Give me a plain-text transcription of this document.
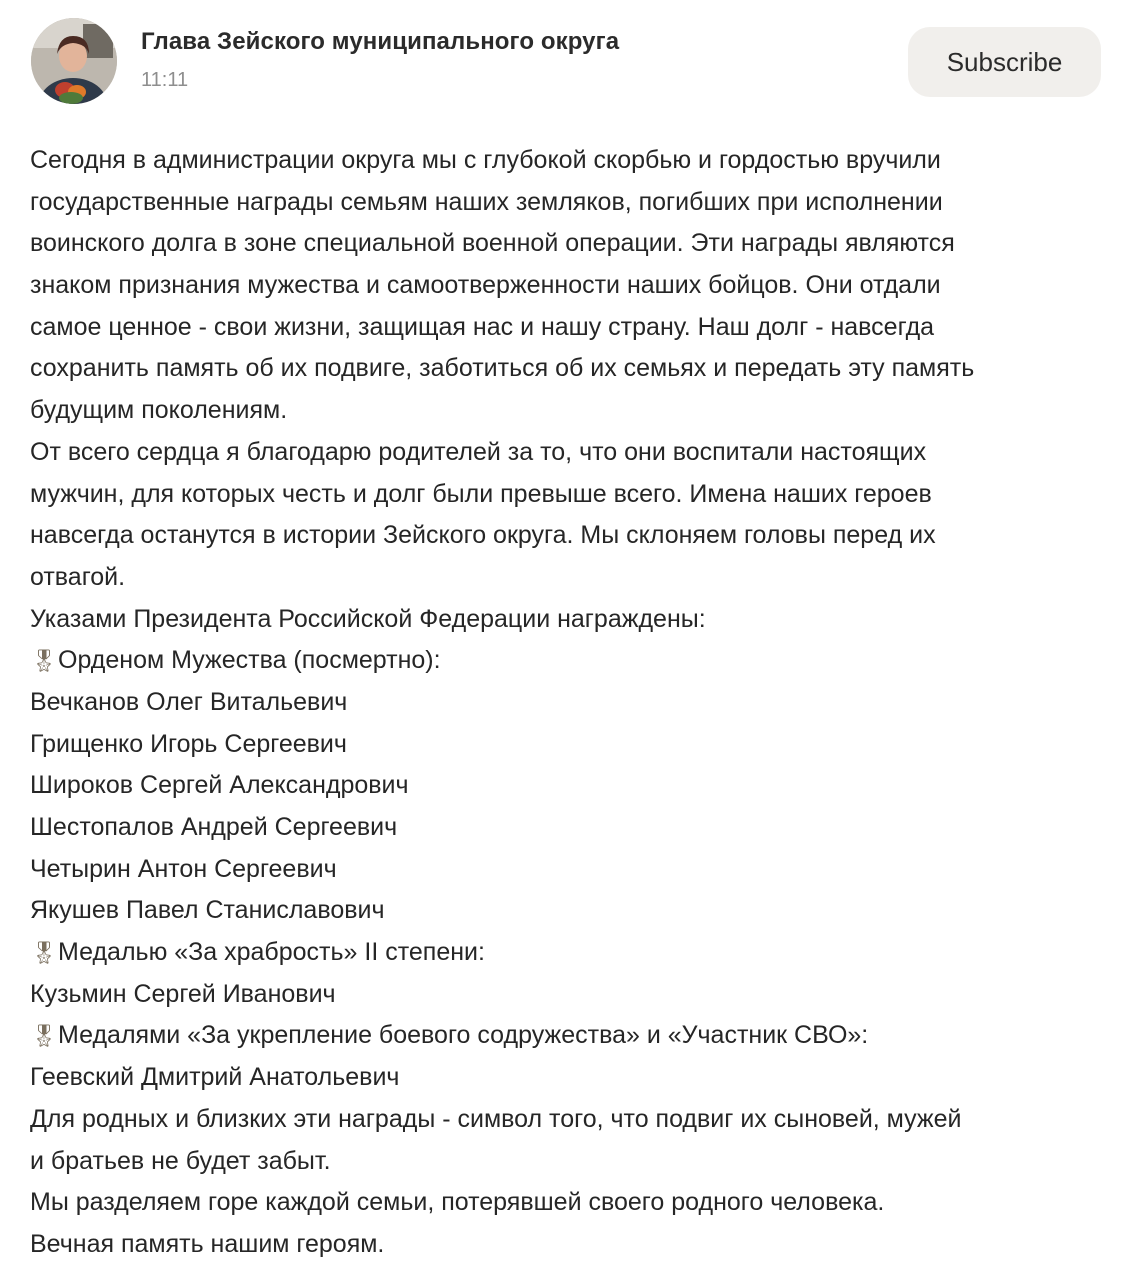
Глава Зейского муниципального округа
11:11
Subscribe
Сегодня в администрации округа мы с глубокой скорбью и гордостью вручили
государственные награды семьям наших земляков, погибших при исполнении
воинского долга в зоне специальной военной операции. Эти награды являются
знаком признания мужества и самоотверженности наших бойцов. Они отдали
самое ценное - свои жизни, защищая нас и нашу страну. Наш долг - навсегда
сохранить память об их подвиге, заботиться об их семьях и передать эту память
будущим поколениям.
От всего сердца я благодарю родителей за то, что они воспитали настоящих
мужчин, для которых честь и долг были превыше всего. Имена наших героев
навсегда останутся в истории Зейского округа. Мы склоняем головы перед их
отвагой.
Указами Президента Российской Федерации награждены:
🎖Орденом Мужества (посмертно):
Вечканов Олег Витальевич
Грищенко Игорь Сергеевич
Широков Сергей Александрович
Шестопалов Андрей Сергеевич
Четырин Антон Сергеевич
Якушев Павел Станиславович
🎖Медалью «За храбрость» II степени:
Кузьмин Сергей Иванович
🎖Медалями «За укрепление боевого содружества» и «Участник СВО»:
Геевский Дмитрий Анатольевич
Для родных и близких эти награды - символ того, что подвиг их сыновей, мужей
и братьев не будет забыт.
Мы разделяем горе каждой семьи, потерявшей своего родного человека.
Вечная память нашим героям.
